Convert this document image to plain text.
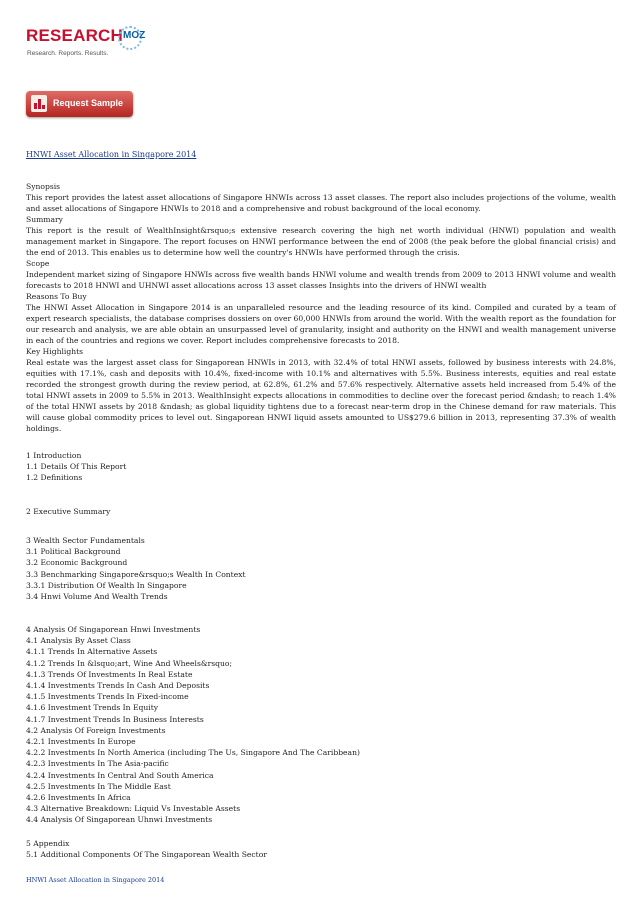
RESEARCH MOZ
Research. Reports. Results.
Request Sample
HNWI Asset Allocation in Singapore 2014
Synopsis

This report provides the latest asset allocations of Singapore HNWIs across 13 asset classes. The report also includes projections of the volume, wealth and asset allocations of Singapore HNWIs to 2018 and a comprehensive and robust background of the local economy.

Summary

This report is the result of WealthInsight&rsquo;s extensive research covering the high net worth individual (HNWI) population and wealth management market in Singapore. The report focuses on HNWI performance between the end of 2008 (the peak before the global financial crisis) and the end of 2013. This enables us to determine how well the country's HNWIs have performed through the crisis.

Scope

Independent market sizing of Singapore HNWIs across five wealth bands HNWI volume and wealth trends from 2009 to 2013 HNWI volume and wealth forecasts to 2018 HNWI and UHNWI asset allocations across 13 asset classes Insights into the drivers of HNWI wealth

Reasons To Buy

The HNWI Asset Allocation in Singapore 2014 is an unparalleled resource and the leading resource of its kind. Compiled and curated by a team of expert research specialists, the database comprises dossiers on over 60,000 HNWIs from around the world. With the wealth report as the foundation for our research and analysis, we are able obtain an unsurpassed level of granularity, insight and authority on the HNWI and wealth management universe in each of the countries and regions we cover. Report includes comprehensive forecasts to 2018.

Key Highlights

Real estate was the largest asset class for Singaporean HNWIs in 2013, with 32.4% of total HNWI assets, followed by business interests with 24.8%, equities with 17.1%, cash and deposits with 10.4%, fixed-income with 10.1% and alternatives with 5.5%. Business interests, equities and real estate recorded the strongest growth during the review period, at 62.8%, 61.2% and 57.6% respectively. Alternative assets held increased from 5.4% of the total HNWI assets in 2009 to 5.5% in 2013. WealthInsight expects allocations in commodities to decline over the forecast period &ndash; to reach 1.4% of the total HNWI assets by 2018 &ndash; as global liquidity tightens due to a forecast near-term drop in the Chinese demand for raw materials. This will cause global commodity prices to level out. Singaporean HNWI liquid assets amounted to US$279.6 billion in 2013, representing 37.3% of wealth holdings.

1 Introduction
1.1 Details Of This Report
1.2 Definitions
2 Executive Summary
3 Wealth Sector Fundamentals
3.1 Political Background
3.2 Economic Background
3.3 Benchmarking Singapore&rsquo;s Wealth In Context
3.3.1 Distribution Of Wealth In Singapore
3.4 Hnwi Volume And Wealth Trends
4 Analysis Of Singaporean Hnwi Investments
4.1 Analysis By Asset Class
4.1.1 Trends In Alternative Assets
4.1.2 Trends In &lsquo;art, Wine And Wheels&rsquo;
4.1.3 Trends Of Investments In Real Estate
4.1.4 Investments Trends In Cash And Deposits
4.1.5 Investments Trends In Fixed-income
4.1.6 Investment Trends In Equity
4.1.7 Investment Trends In Business Interests
4.2 Analysis Of Foreign Investments
4.2.1 Investments In Europe
4.2.2 Investments In North America (including The Us, Singapore And The Caribbean)
4.2.3 Investments In The Asia-pacific
4.2.4 Investments In Central And South America
4.2.5 Investments In The Middle East
4.2.6 Investments In Africa
4.3 Alternative Breakdown: Liquid Vs Investable Assets
4.4 Analysis Of Singaporean Uhnwi Investments
5 Appendix
5.1 Additional Components Of The Singaporean Wealth Sector
HNWI Asset Allocation in Singapore 2014
